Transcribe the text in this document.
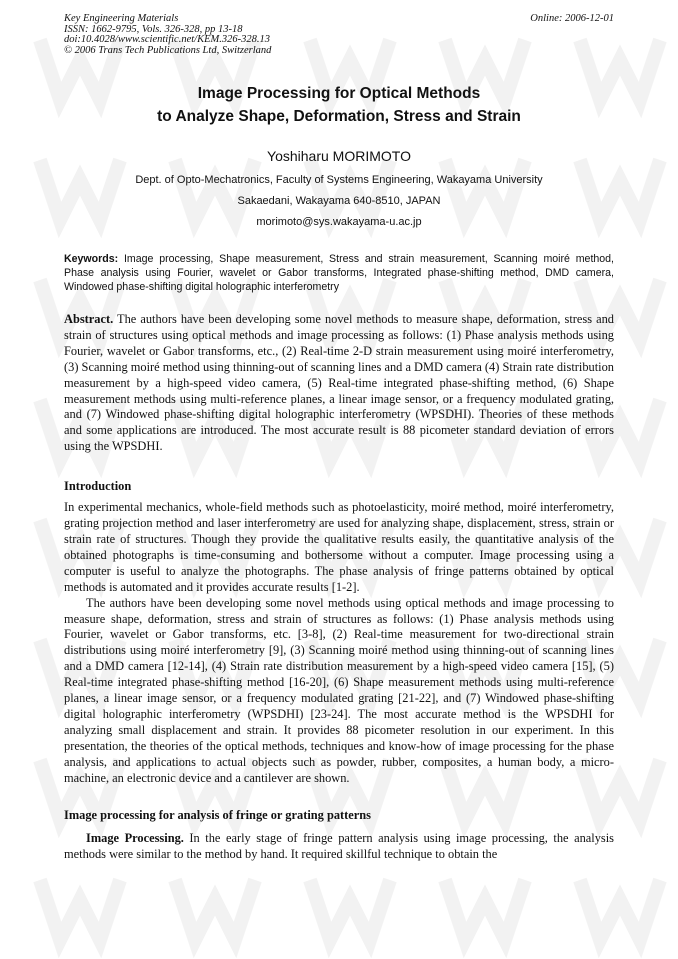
Key Engineering Materials
ISSN: 1662-9795, Vols. 326-328, pp 13-18
doi:10.4028/www.scientific.net/KEM.326-328.13
© 2006 Trans Tech Publications Ltd, Switzerland
Online: 2006-12-01
Image Processing for Optical Methods
to Analyze Shape, Deformation, Stress and Strain
Yoshiharu MORIMOTO
Dept. of Opto-Mechatronics, Faculty of Systems Engineering, Wakayama University
Sakaedani, Wakayama 640-8510, JAPAN
morimoto@sys.wakayama-u.ac.jp
Keywords: Image processing, Shape measurement, Stress and strain measurement, Scanning moiré method, Phase analysis using Fourier, wavelet or Gabor transforms, Integrated phase-shifting method, DMD camera, Windowed phase-shifting digital holographic interferometry

Abstract. The authors have been developing some novel methods to measure shape, deformation, stress and strain of structures using optical methods and image processing as follows: (1) Phase analysis methods using Fourier, wavelet or Gabor transforms, etc., (2) Real-time 2-D strain measurement using moiré interferometry, (3) Scanning moiré method using thinning-out of scanning lines and a DMD camera (4) Strain rate distribution measurement by a high-speed video camera, (5) Real-time integrated phase-shifting method, (6) Shape measurement methods using multi-reference planes, a linear image sensor, or a frequency modulated grating, and (7) Windowed phase-shifting digital holographic interferometry (WPSDHI). Theories of these methods and some applications are introduced. The most accurate result is 88 picometer standard deviation of errors using the WPSDHI.

Introduction

In experimental mechanics, whole-field methods such as photoelasticity, moiré method, moiré interferometry, grating projection method and laser interferometry are used for analyzing shape, displacement, stress, strain or strain rate of structures. Though they provide the qualitative results easily, the quantitative analysis of the obtained photographs is time-consuming and bothersome without a computer. Image processing using a computer is useful to analyze the photographs. The phase analysis of fringe patterns obtained by optical methods is automated and it provides accurate results [1-2].

The authors have been developing some novel methods using optical methods and image processing to measure shape, deformation, stress and strain of structures as follows: (1) Phase analysis methods using Fourier, wavelet or Gabor transforms, etc. [3-8], (2) Real-time measurement for two-directional strain distributions using moiré interferometry [9], (3) Scanning moiré method using thinning-out of scanning lines and a DMD camera [12-14], (4) Strain rate distribution measurement by a high-speed video camera [15], (5) Real-time integrated phase-shifting method [16-20], (6) Shape measurement methods using multi-reference planes, a linear image sensor, or a frequency modulated grating [21-22], and (7) Windowed phase-shifting digital holographic interferometry (WPSDHI) [23-24]. The most accurate method is the WPSDHI for analyzing small displacement and strain. It provides 88 picometer resolution in our experiment. In this presentation, the theories of the optical methods, techniques and know-how of image processing for the phase analysis, and applications to actual objects such as powder, rubber, composites, a human body, a micro-machine, an electronic device and a cantilever are shown.

Image processing for analysis of fringe or grating patterns

Image Processing. In the early stage of fringe pattern analysis using image processing, the analysis methods were similar to the method by hand. It required skillful technique to obtain the
